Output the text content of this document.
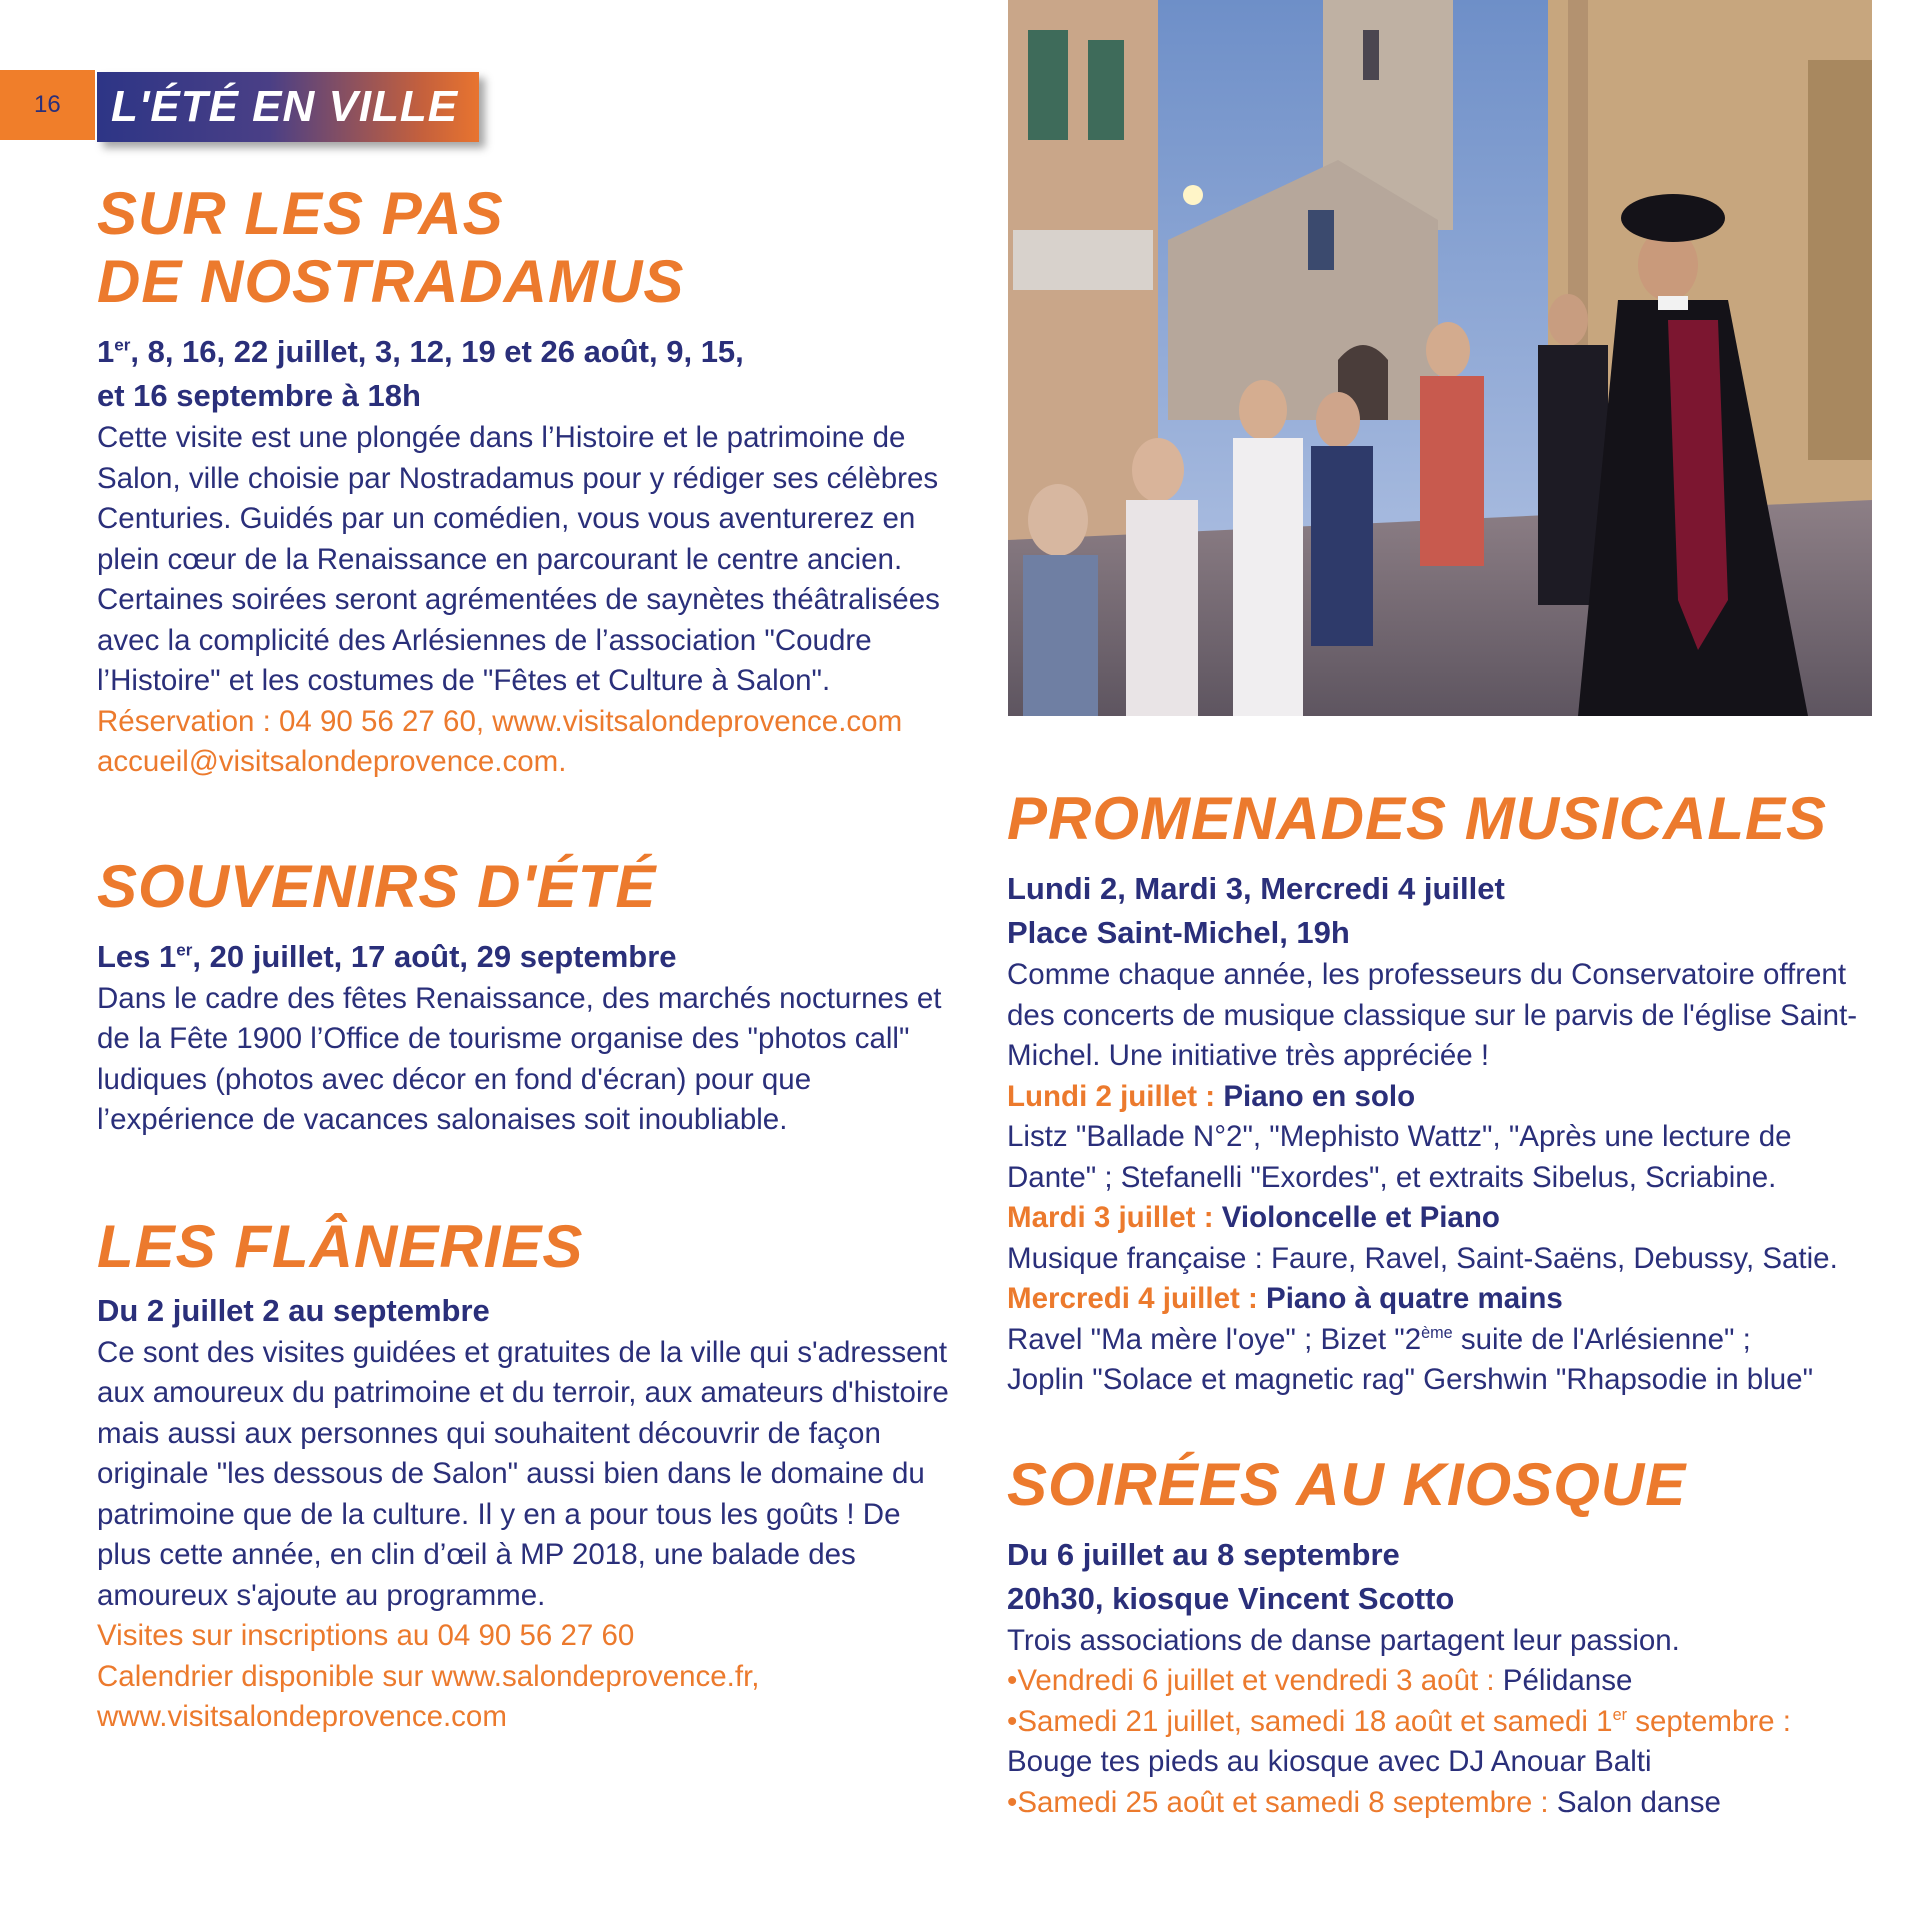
16	L'ÉTÉ EN VILLE
SUR LES PAS
DE NOSTRADAMUS

1er, 8, 16, 22 juillet, 3, 12, 19 et 26 août, 9, 15,
et 16 septembre à 18h

Cette visite est une plongée dans l’Histoire et le patrimoine de Salon, ville choisie par Nostradamus pour y rédiger ses célèbres Centuries. Guidés par un comédien, vous vous aventurerez en plein cœur de la Renaissance en parcourant le centre ancien. Certaines soirées seront agrémentées de saynètes théâtralisées avec la complicité des Arlésiennes de l’association "Coudre l’Histoire" et les costumes de "Fêtes et Culture à Salon".

Réservation : 04 90 56 27 60, www.visitsalondeprovence.com

accueil@visitsalondeprovence.com.

SOUVENIRS D'ÉTÉ

Les 1er, 20 juillet, 17 août, 29 septembre

Dans le cadre des fêtes Renaissance, des marchés nocturnes et de la Fête 1900 l’Office de tourisme organise des "photos call" ludiques (photos avec décor en fond d'écran) pour que l’expérience de vacances salonaises soit inoubliable.

LES FLÂNERIES

Du 2 juillet 2 au septembre

Ce sont des visites guidées et gratuites de la ville qui s'adressent aux amoureux du patrimoine et du terroir, aux amateurs d'histoire mais aussi aux personnes qui souhaitent découvrir de façon originale "les dessous de Salon" aussi bien dans le domaine du patrimoine que de la culture. Il y en a pour tous les goûts ! De plus cette année, en clin d’œil à MP 2018, une balade des amoureux s'ajoute au programme.

Visites sur inscriptions au 04 90 56 27 60

Calendrier disponible sur www.salondeprovence.fr,

www.visitsalondeprovence.com

PROMENADES MUSICALES

Lundi 2, Mardi 3, Mercredi 4 juillet
Place Saint-Michel, 19h

Comme chaque année, les professeurs du Conservatoire offrent des concerts de musique classique sur le parvis de l'église Saint-Michel. Une initiative très appréciée !

Lundi 2 juillet : Piano en solo

Listz "Ballade N°2", "Mephisto Wattz", "Après une lecture de Dante" ; Stefanelli "Exordes", et extraits Sibelus, Scriabine.

Mardi 3 juillet : Violoncelle et Piano

Musique française : Faure, Ravel, Saint-Saëns, Debussy, Satie.

Mercredi 4 juillet : Piano à quatre mains

Ravel "Ma mère l'oye" ; Bizet "2ème suite de l'Arlésienne" ;
Joplin "Solace et magnetic rag" Gershwin "Rhapsodie in blue"

SOIRÉES AU KIOSQUE

Du 6 juillet au 8 septembre
20h30, kiosque Vincent Scotto

Trois associations de danse partagent leur passion.

•Vendredi 6 juillet et vendredi 3 août : Pélidanse

•Samedi 21 juillet, samedi 18 août et samedi 1er septembre :
Bouge tes pieds au kiosque avec DJ Anouar Balti

•Samedi 25 août et samedi 8 septembre : Salon danse
